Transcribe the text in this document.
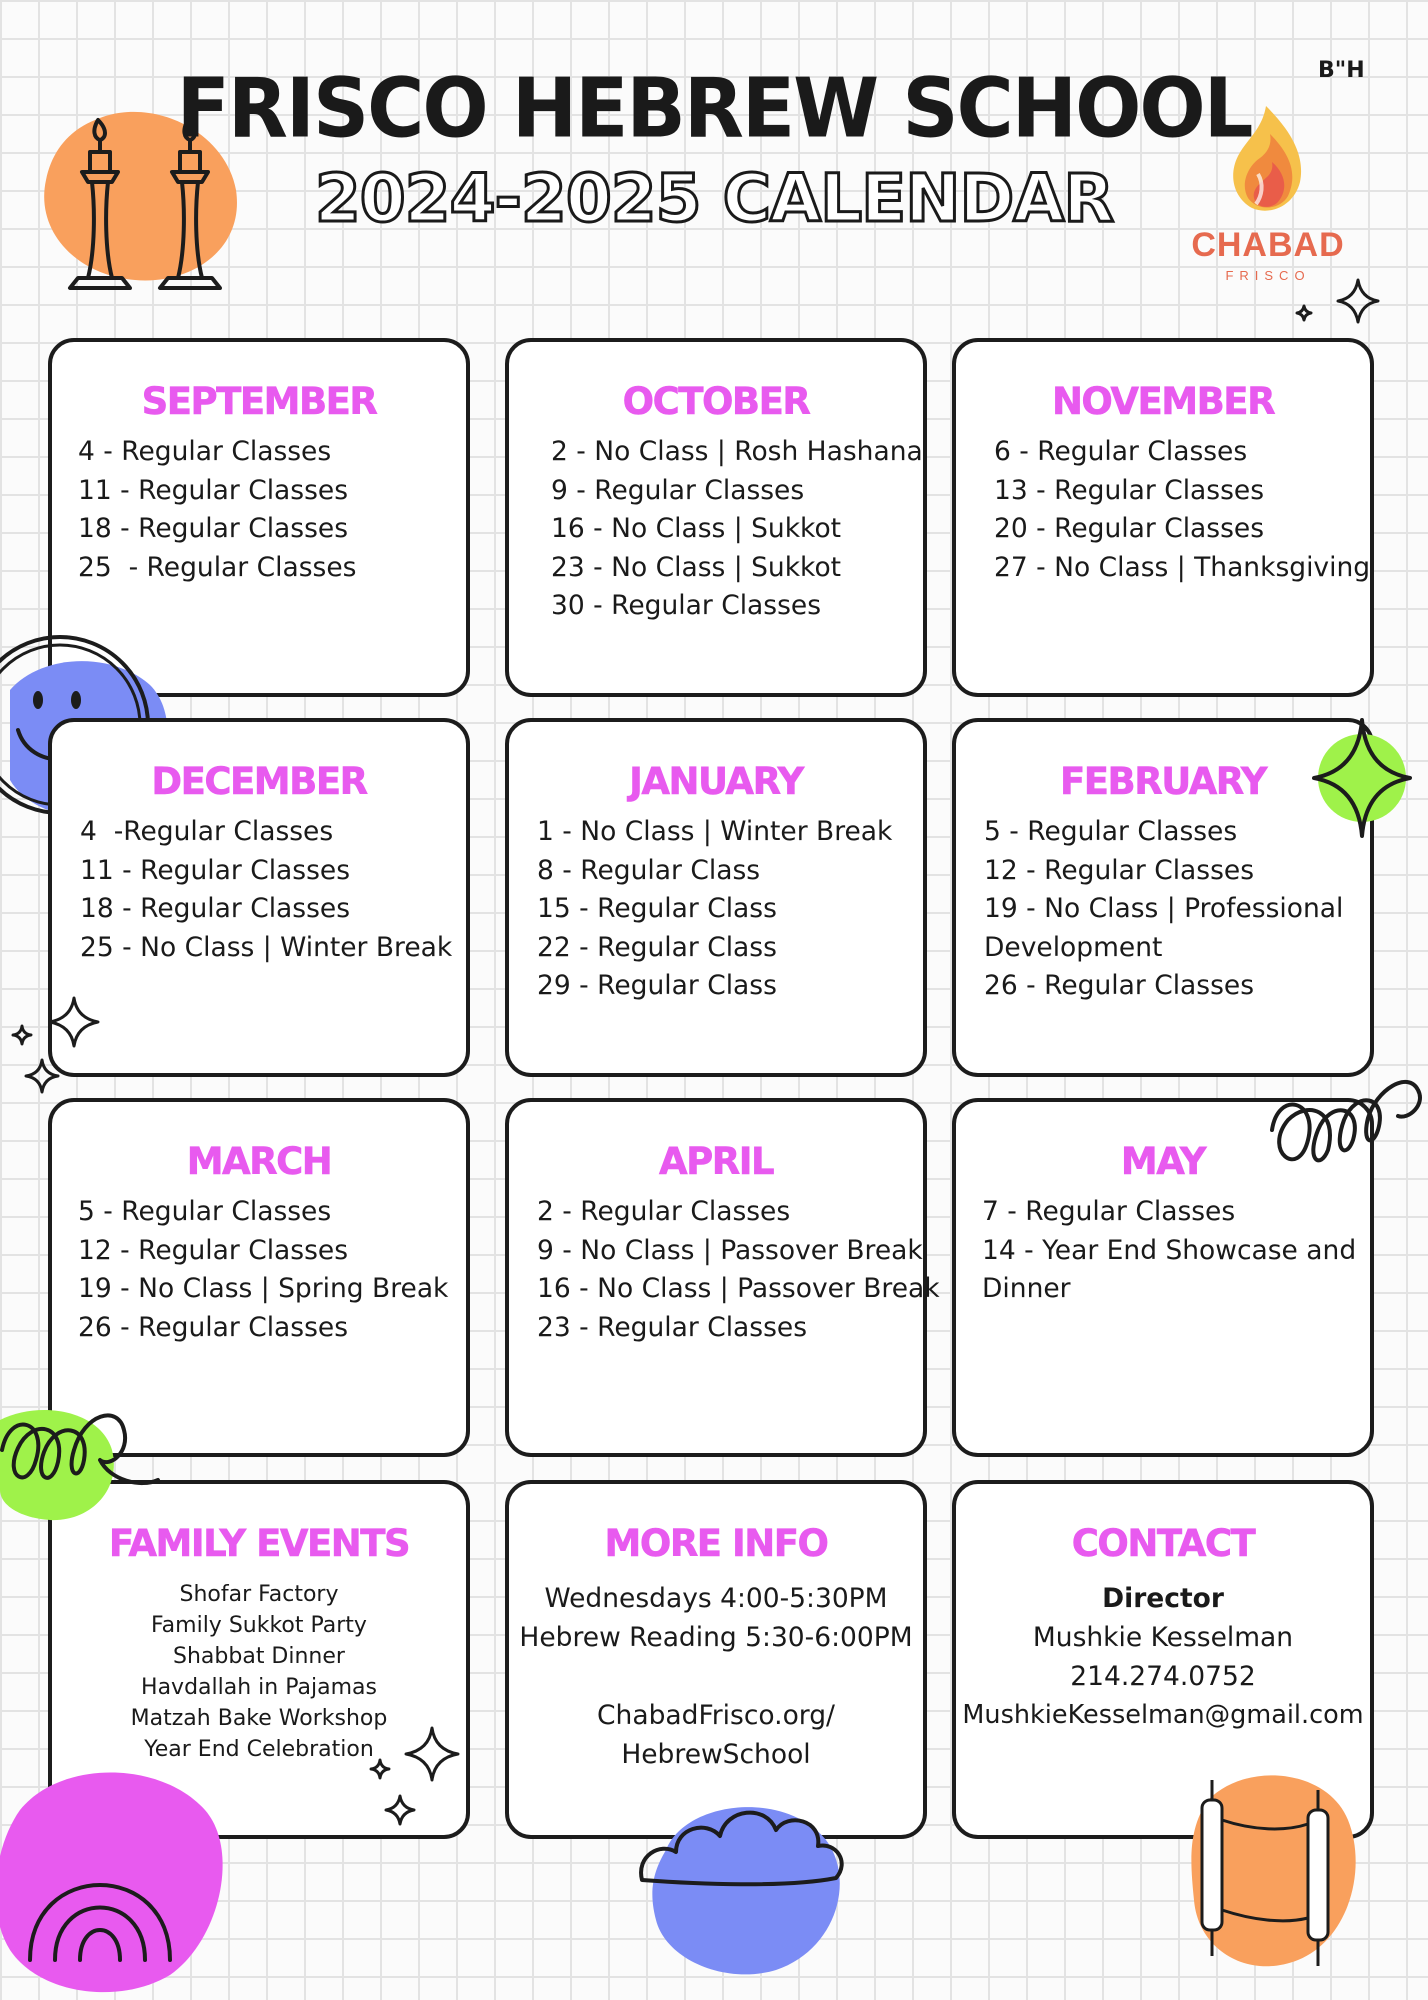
B"H
FRISCO HEBREW SCHOOL
2024-2025 CALENDAR
CHABAD
FRISCO
SEPTEMBER
4 - Regular Classes
11 - Regular Classes
18 - Regular Classes
25  - Regular Classes
OCTOBER
2 - No Class | Rosh Hashana
9 - Regular Classes
16 - No Class | Sukkot
23 - No Class | Sukkot
30 - Regular Classes
NOVEMBER
6 - Regular Classes
13 - Regular Classes
20 - Regular Classes
27 - No Class | Thanksgiving
DECEMBER
4  -Regular Classes
11 - Regular Classes
18 - Regular Classes
25 - No Class | Winter Break
JANUARY
1 - No Class | Winter Break
8 - Regular Class
15 - Regular Class
22 - Regular Class
29 - Regular Class
FEBRUARY
5 - Regular Classes
12 - Regular Classes
19 - No Class | Professional
Development
26 - Regular Classes
MARCH
5 - Regular Classes
12 - Regular Classes
19 - No Class | Spring Break
26 - Regular Classes
APRIL
2 - Regular Classes
9 - No Class | Passover Break
16 - No Class | Passover Break
23 - Regular Classes
MAY
7 - Regular Classes
14 - Year End Showcase and
Dinner
FAMILY EVENTS
Shofar Factory
Family Sukkot Party
Shabbat Dinner
Havdallah in Pajamas
Matzah Bake Workshop
Year End Celebration
MORE INFO
Wednesdays 4:00-5:30PM
Hebrew Reading 5:30-6:00PM

ChabadFrisco.org/
HebrewSchool
CONTACT
Director
Mushkie Kesselman
214.274.0752
MushkieKesselman@gmail.com
